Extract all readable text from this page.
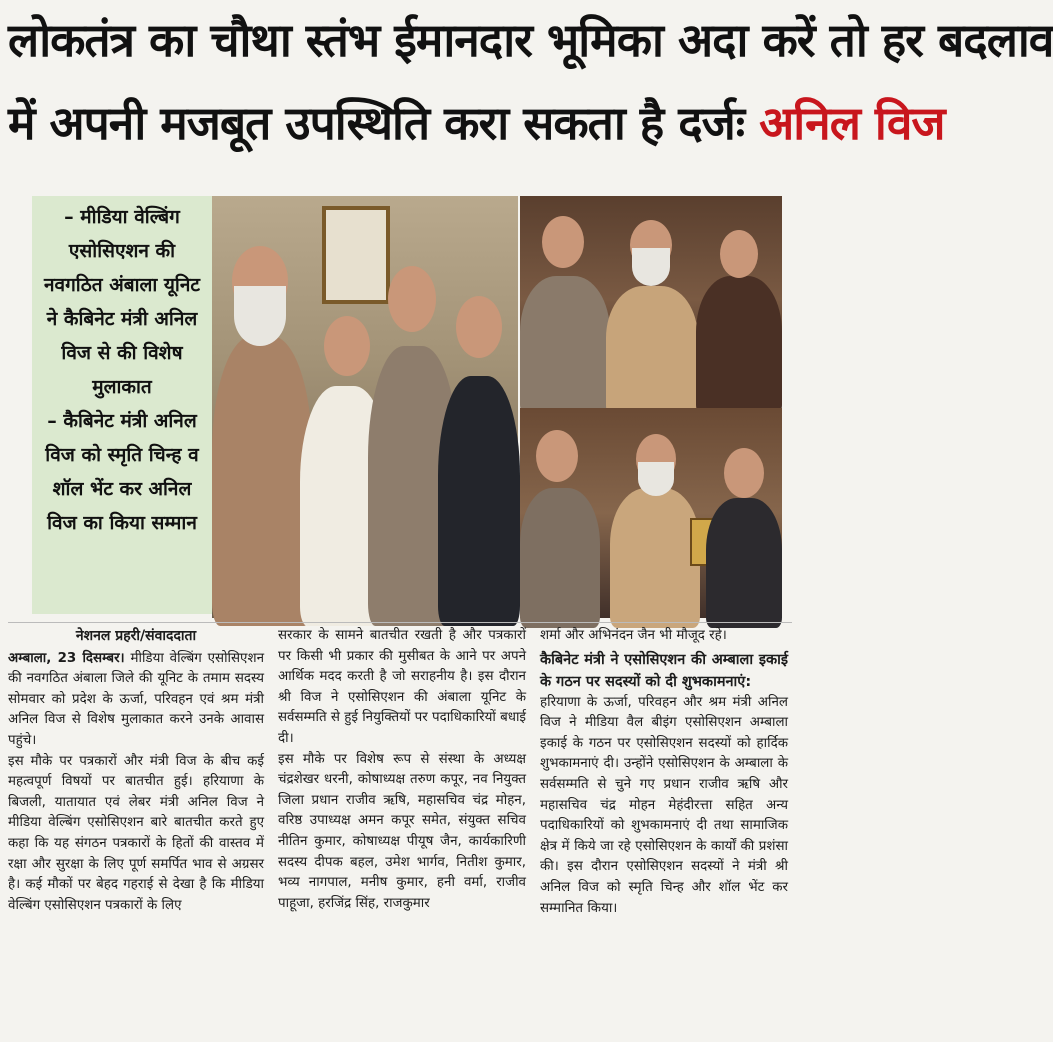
लोकतंत्र का चौथा स्तंभ ईमानदार भूमिका अदा करें तो हर बदलाव
में अपनी मजबूत उपस्थिति करा सकता है दर्जः अनिल विज

– मीडिया वेल्बिंग एसोसिएशन की नवगठित अंबाला यूनिट ने कैबिनेट मंत्री अनिल विज से की विशेष मुलाकात

– कैबिनेट मंत्री अनिल विज को स्मृति चिन्ह व शॉल भेंट कर अनिल विज का किया सम्मान

नेशनल प्रहरी/संवाददाता

अम्बाला, 23 दिसम्बर। मीडिया वेल्बिंग एसोसिएशन की नवगठित अंबाला जिले की यूनिट के तमाम सदस्य सोमवार को प्रदेश के ऊर्जा, परिवहन एवं श्रम मंत्री अनिल विज से विशेष मुलाकात करने उनके आवास पहुंचे।

इस मौके पर पत्रकारों और मंत्री विज के बीच कई महत्वपूर्ण विषयों पर बातचीत हुई। हरियाणा के बिजली, यातायात एवं लेबर मंत्री अनिल विज ने मीडिया वेल्बिंग एसोसिएशन बारे बातचीत करते हुए कहा कि यह संगठन पत्रकारों के हितों की वास्तव में रक्षा और सुरक्षा के लिए पूर्ण समर्पित भाव से अग्रसर है। कई मौकों पर बेहद गहराई से देखा है कि मीडिया वेल्बिंग एसोसिएशन पत्रकारों के लिए

सरकार के सामने बातचीत रखती है और पत्रकारों पर किसी भी प्रकार की मुसीबत के आने पर अपने आर्थिक मदद करती है जो सराहनीय है। इस दौरान श्री विज ने एसोसिएशन की अंबाला यूनिट के सर्वसम्मति से हुई नियुक्तियों पर पदाधिकारियों बधाई दी।

इस मौके पर विशेष रूप से संस्था के अध्यक्ष चंद्रशेखर धरनी, कोषाध्यक्ष तरुण कपूर, नव नियुक्त जिला प्रधान राजीव ऋषि, महासचिव चंद्र मोहन, वरिष्ठ उपाध्यक्ष अमन कपूर समेत, संयुक्त सचिव नीतिन कुमार, कोषाध्यक्ष पीयूष जैन, कार्यकारिणी सदस्य दीपक बहल, उमेश भार्गव, नितीश कुमार, भव्य नागपाल, मनीष कुमार, हनी वर्मा, राजीव पाहूजा, हरजिंद्र सिंह, राजकुमार

शर्मा और अभिनंदन जैन भी मौजूद रहे।

कैबिनेट मंत्री ने एसोसिएशन की अम्बाला इकाई के गठन पर सदस्यों को दी शुभकामनाएं:

हरियाणा के ऊर्जा, परिवहन और श्रम मंत्री अनिल विज ने मीडिया वैल बीइंग एसोसिएशन अम्बाला इकाई के गठन पर एसोसिएशन सदस्यों को हार्दिक शुभकामनाएं दी। उन्होंने एसोसिएशन के अम्बाला के सर्वसम्मति से चुने गए प्रधान राजीव ऋषि और महासचिव चंद्र मोहन मेहंदीरत्ता सहित अन्य पदाधिकारियों को शुभकामनाएं दी तथा सामाजिक क्षेत्र में किये जा रहे एसोसिएशन के कार्यों की प्रशंसा की। इस दौरान एसोसिएशन सदस्यों ने मंत्री श्री अनिल विज को स्मृति चिन्ह और शॉल भेंट कर सम्मानित किया।
